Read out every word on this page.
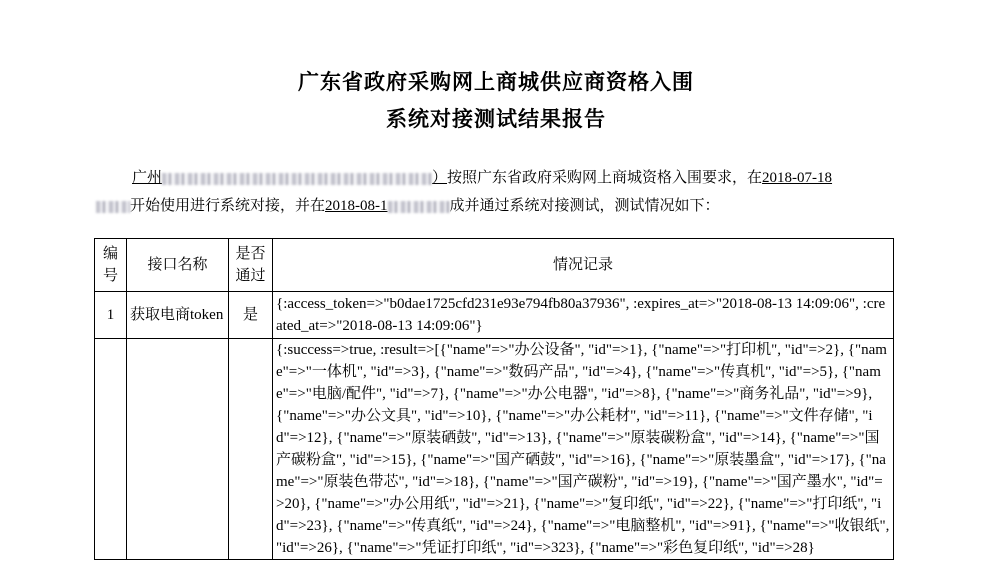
广东省政府采购网上商城供应商资格入围
系统对接测试结果报告
广州	）按照广东省政府采购网上商城资格入围要求，在2018-07-18
开始使用进行系统对接，并在2018-08-1	成并通过系统对接测试，测试情况如下：
编号	接口名称	是否通过	情况记录
1	获取电商token	是	{:access_token=>"b0dae1725cfd231e93e794fb80a37936", :expires_at=>"2018-08-13 14:09:06", :created_at=>"2018-08-13 14:09:06"}
			{:success=>true, :result=>[{"name"=>"办公设备", "id"=>1}, {"name"=>"打印机", "id"=>2}, {"name"=>"一体机", "id"=>3}, {"name"=>"数码产品", "id"=>4}, {"name"=>"传真机", "id"=>5}, {"name"=>"电脑/配件", "id"=>7}, {"name"=>"办公电器", "id"=>8}, {"name"=>"商务礼品", "id"=>9}, {"name"=>"办公文具", "id"=>10}, {"name"=>"办公耗材", "id"=>11}, {"name"=>"文件存储", "id"=>12}, {"name"=>"原装硒鼓", "id"=>13}, {"name"=>"原装碳粉盒", "id"=>14}, {"name"=>"国产碳粉盒", "id"=>15}, {"name"=>"国产硒鼓", "id"=>16}, {"name"=>"原装墨盒", "id"=>17}, {"name"=>"原装色带芯", "id"=>18}, {"name"=>"国产碳粉", "id"=>19}, {"name"=>"国产墨水", "id"=>20}, {"name"=>"办公用纸", "id"=>21}, {"name"=>"复印纸", "id"=>22}, {"name"=>"打印纸", "id"=>23}, {"name"=>"传真纸", "id"=>24}, {"name"=>"电脑整机", "id"=>91}, {"name"=>"收银纸", "id"=>26}, {"name"=>"凭证打印纸", "id"=>323}, {"name"=>"彩色复印纸", "id"=>28}
